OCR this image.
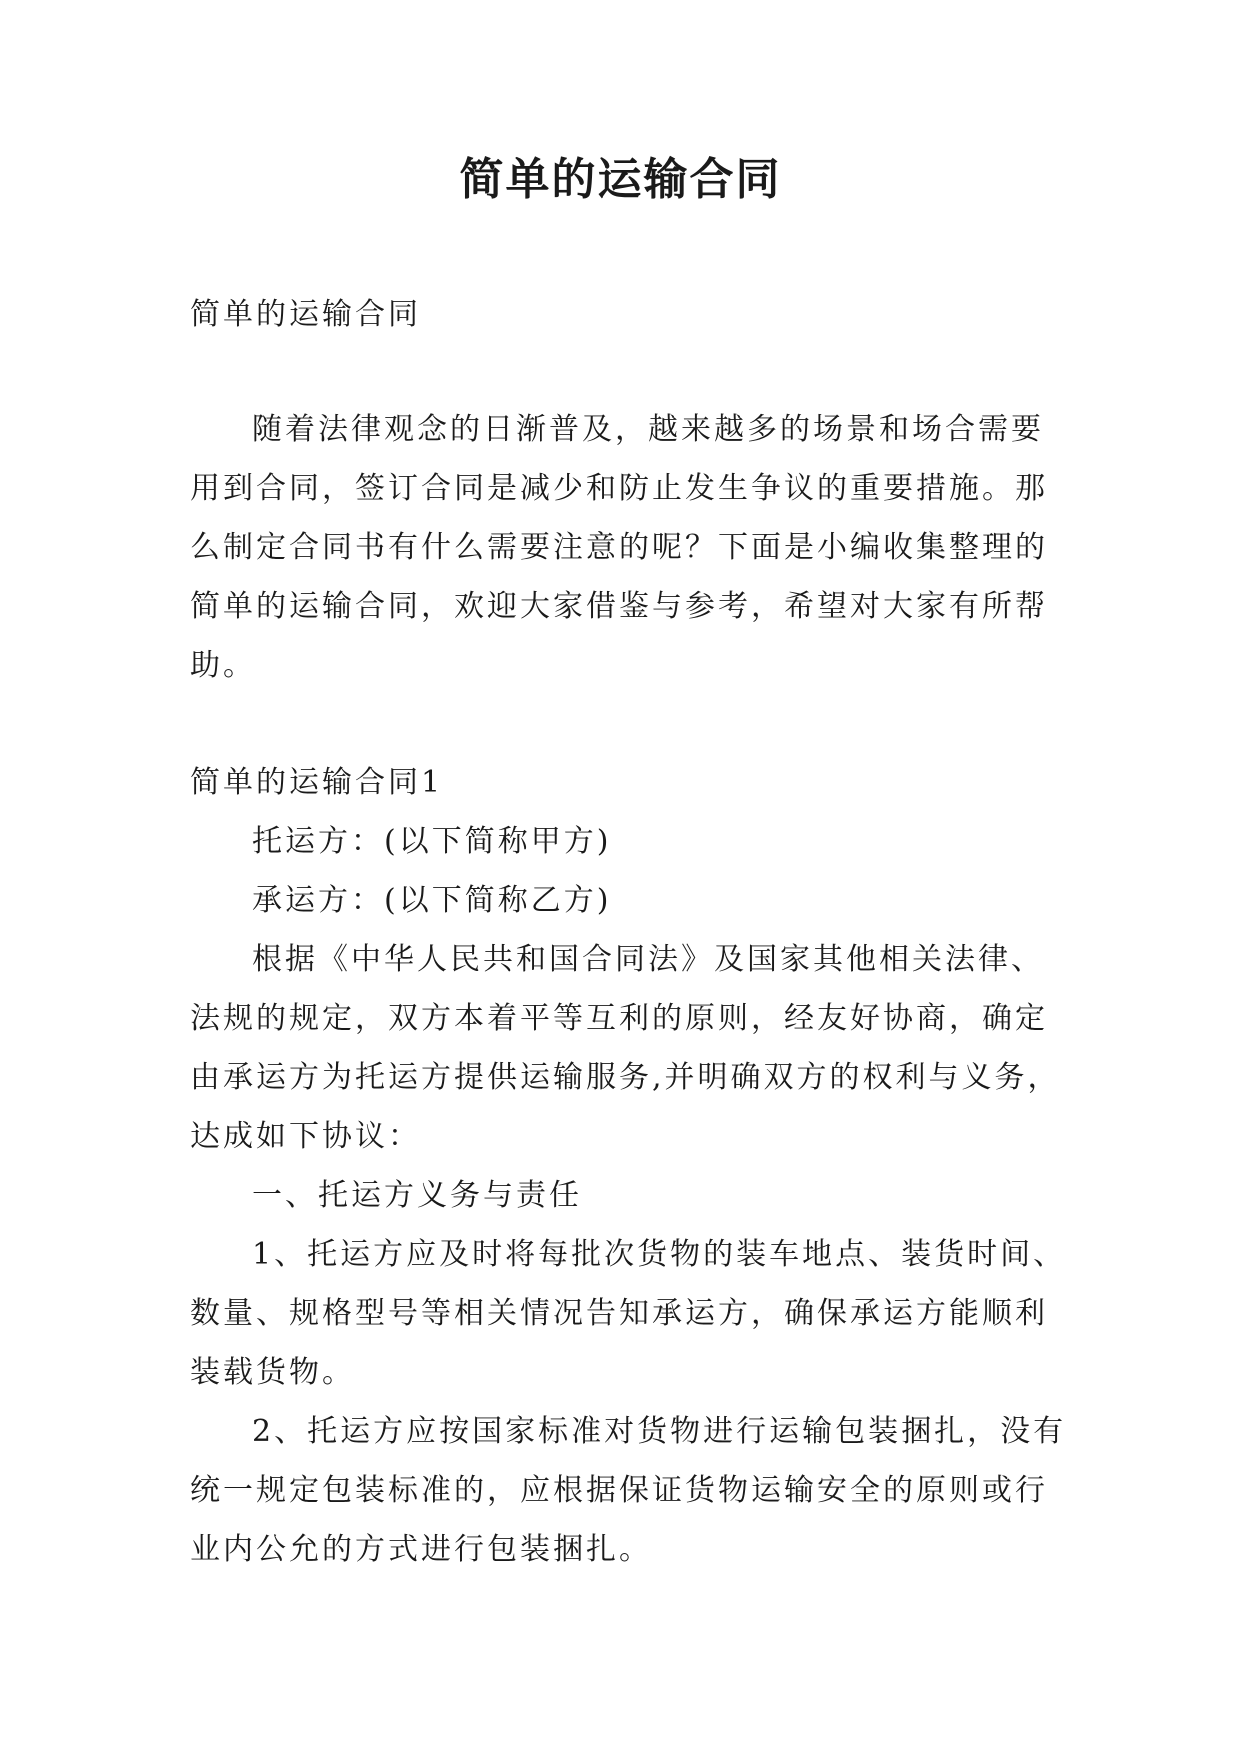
简单的运输合同

简单的运输合同

随着法律观念的日渐普及，越来越多的场景和场合需要用到合同，签订合同是减少和防止发生争议的重要措施。那么制定合同书有什么需要注意的呢？下面是小编收集整理的简单的运输合同，欢迎大家借鉴与参考，希望对大家有所帮助。

简单的运输合同1

托运方：(以下简称甲方)

承运方：(以下简称乙方)

根据《中华人民共和国合同法》及国家其他相关法律、法规的规定，双方本着平等互利的原则，经友好协商，确定由承运方为托运方提供运输服务,并明确双方的权利与义务，达成如下协议：

一、托运方义务与责任

1、托运方应及时将每批次货物的装车地点、装货时间、数量、规格型号等相关情况告知承运方，确保承运方能顺利装载货物。

2、托运方应按国家标准对货物进行运输包装捆扎，没有统一规定包装标准的，应根据保证货物运输安全的原则或行业内公允的方式进行包装捆扎。
